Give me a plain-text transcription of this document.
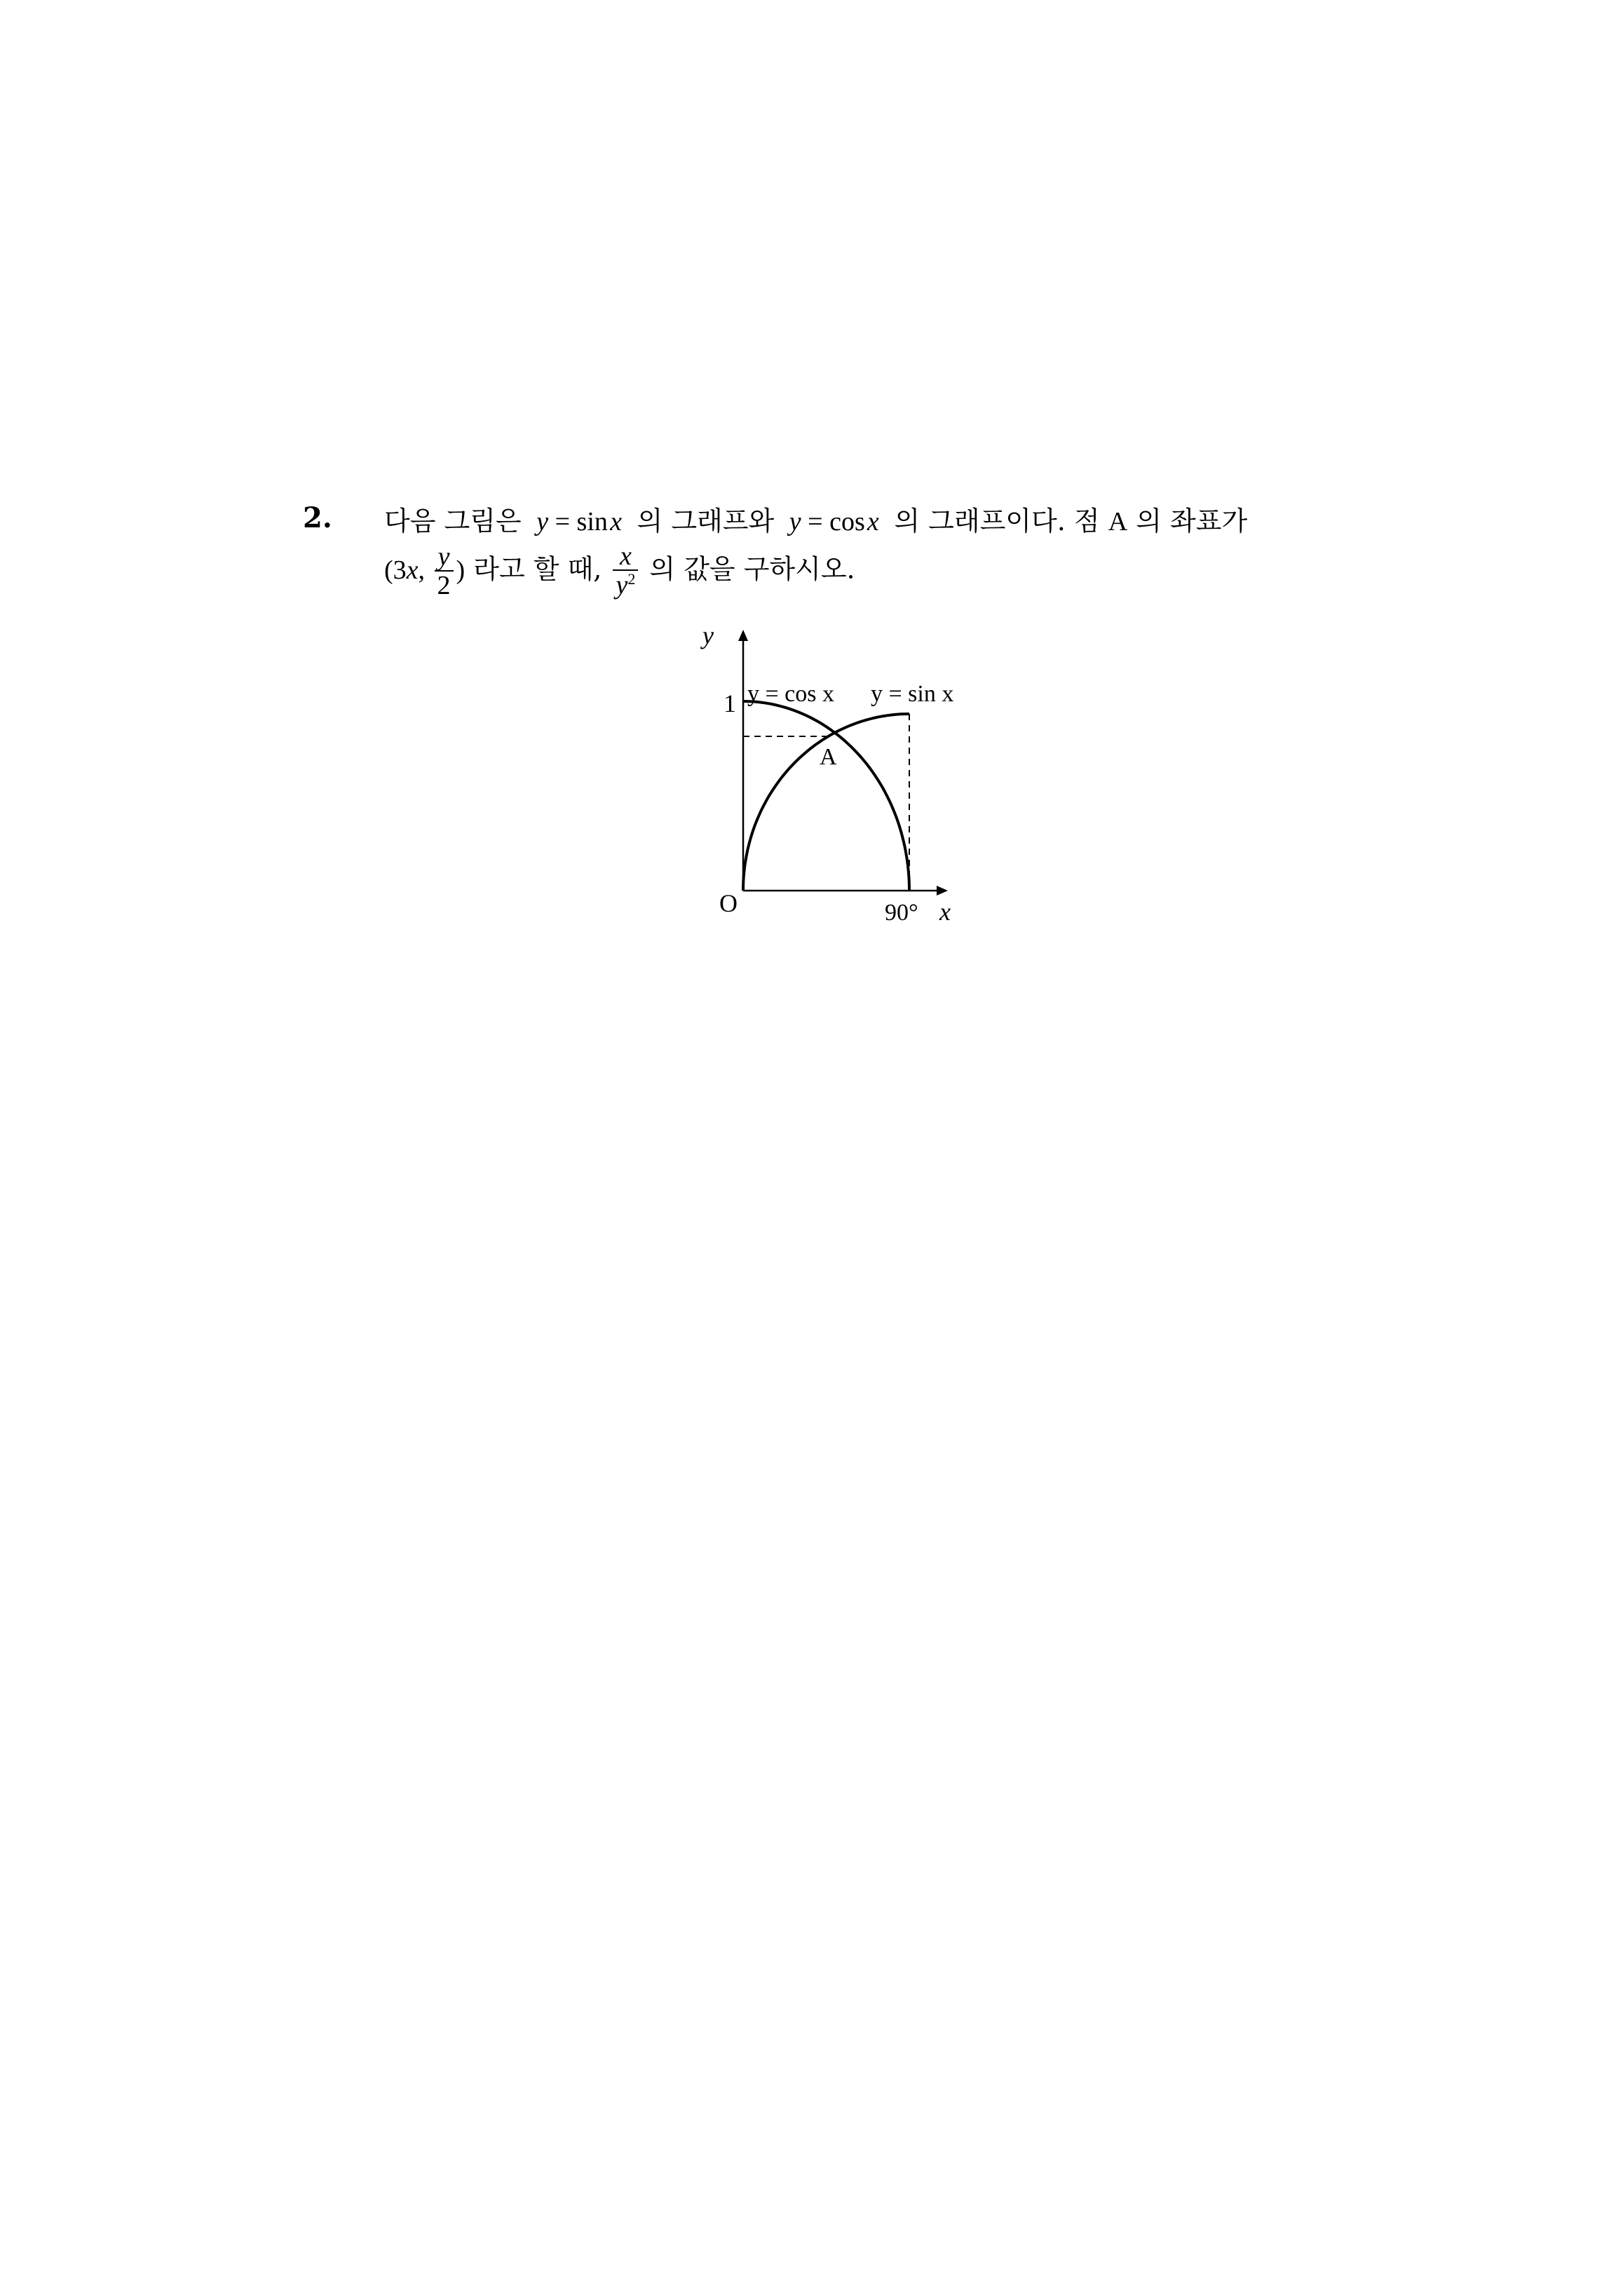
2. 다음 그림은 y = sin x 의 그래프와 y = cos x 의 그래프이다. 점 A 의 좌표가
(3x, $\frac{y}{2}$ ) 라고 할 때, $\frac{x}{y^2}$ 의 값을 구하시오.
y
1 y = cos x y = sin x
A
O	90° x
